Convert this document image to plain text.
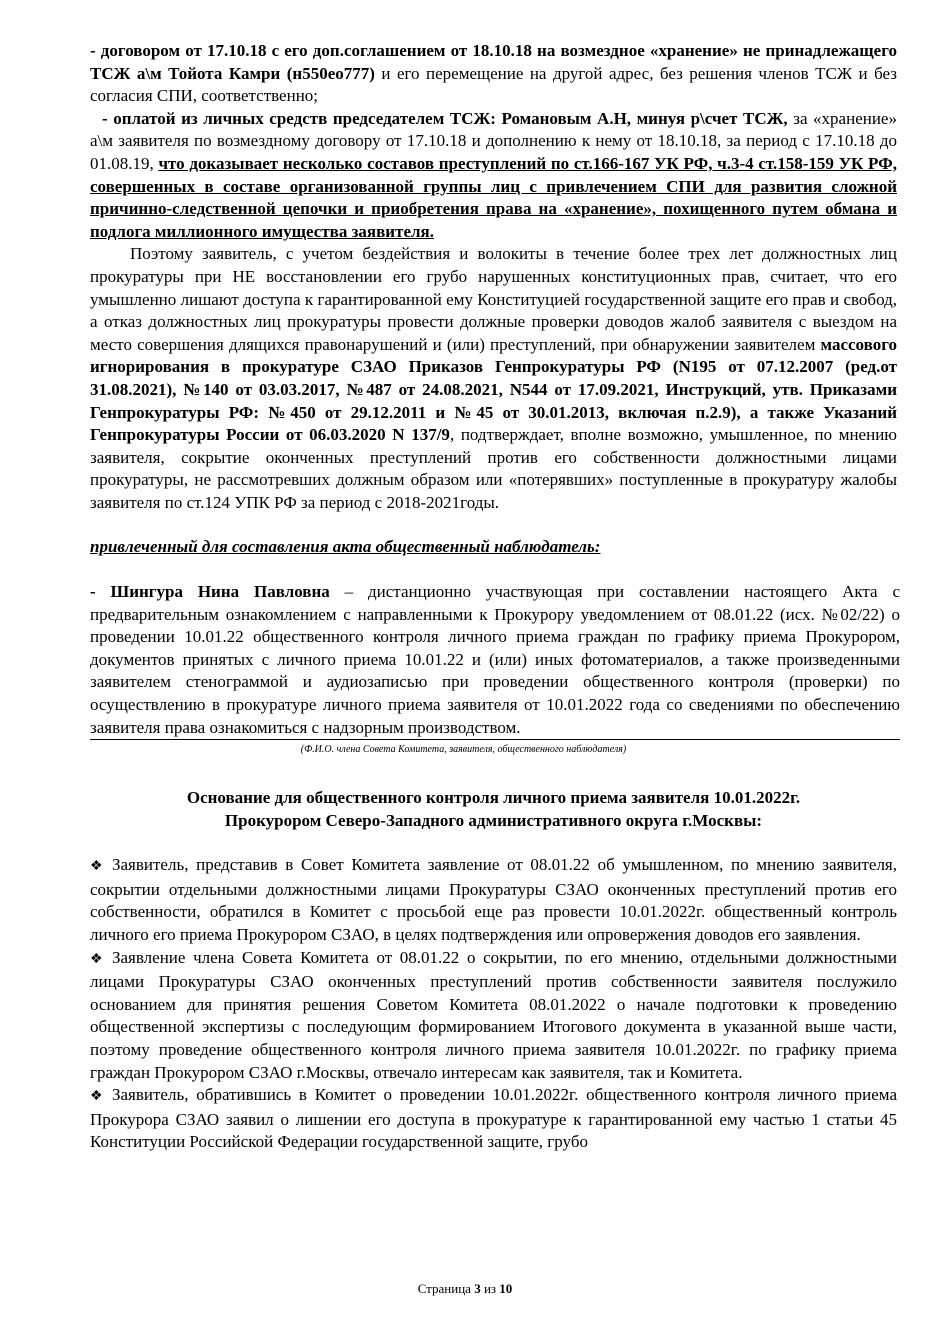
- договором от 17.10.18 с его доп.соглашением от 18.10.18 на возмездное «хранение» не принадлежащего ТСЖ а\м Тойота Камри (н550ео777) и его перемещение на другой адрес, без решения членов ТСЖ и без согласия СПИ, соответственно;

- оплатой из личных средств председателем ТСЖ: Романовым А.Н, минуя р\счет ТСЖ, за «хранение» а\м заявителя по возмездному договору от 17.10.18 и дополнению к нему от 18.10.18, за период с 17.10.18 до 01.08.19, что доказывает несколько составов преступлений по ст.166-167 УК РФ, ч.3-4 ст.158-159 УК РФ, совершенных в составе организованной группы лиц с привлечением СПИ для развития сложной причинно-следственной цепочки и приобретения права на «хранение», похищенного путем обмана и подлога миллионного имущества заявителя.

Поэтому заявитель, с учетом бездействия и волокиты в течение более трех лет должностных лиц прокуратуры при НЕ восстановлении его грубо нарушенных конституционных прав, считает, что его умышленно лишают доступа к гарантированной ему Конституцией государственной защите его прав и свобод, а отказ должностных лиц прокуратуры провести должные проверки доводов жалоб заявителя с выездом на место совершения длящихся правонарушений и (или) преступлений, при обнаружении заявителем массового игнорирования в прокуратуре СЗАО Приказов Генпрокуратуры РФ (N195 от 07.12.2007 (ред.от 31.08.2021), №140 от 03.03.2017, №487 от 24.08.2021, N544 от 17.09.2021, Инструкций, утв. Приказами Генпрокуратуры РФ: №450 от 29.12.2011 и №45 от 30.01.2013, включая п.2.9), а также Указаний Генпрокуратуры России от 06.03.2020 N 137/9, подтверждает, вполне возможно, умышленное, по мнению заявителя, сокрытие оконченных преступлений против его собственности должностными лицами прокуратуры, не рассмотревших должным образом или «потерявших» поступленные в прокуратуру жалобы заявителя по ст.124 УПК РФ за период с 2018-2021годы.

привлеченный для составления акта общественный наблюдатель:

- Шингура Нина Павловна – дистанционно участвующая при составлении настоящего Акта с предварительным ознакомлением с направленными к Прокурору уведомлением от 08.01.22 (исх. №02/22) о проведении 10.01.22 общественного контроля личного приема граждан по графику приема Прокурором, документов принятых с личного приема 10.01.22 и (или) иных фотоматериалов, а также произведенными заявителем стенограммой и аудиозаписью при проведении общественного контроля (проверки) по осуществлению в прокуратуре личного приема заявителя от 10.01.2022 года со сведениями по обеспечению заявителя права ознакомиться с надзорным производством.

(Ф.И.О. члена Совета Комитета, заявителя, общественного наблюдателя)
Основание для общественного контроля личного приема заявителя 10.01.2022г.
Прокурором Северо-Западного административного округа г.Москвы:

❖ Заявитель, представив в Совет Комитета заявление от 08.01.22 об умышленном, по мнению заявителя, сокрытии отдельными должностными лицами Прокуратуры СЗАО оконченных преступлений против его собственности, обратился в Комитет с просьбой еще раз провести 10.01.2022г. общественный контроль личного его приема Прокурором СЗАО, в целях подтверждения или опровержения доводов его заявления.

❖ Заявление члена Совета Комитета от 08.01.22 о сокрытии, по его мнению, отдельными должностными лицами Прокуратуры СЗАО оконченных преступлений против собственности заявителя послужило основанием для принятия решения Советом Комитета 08.01.2022 о начале подготовки к проведению общественной экспертизы с последующим формированием Итогового документа в указанной выше части, поэтому проведение общественного контроля личного приема заявителя 10.01.2022г. по графику приема граждан Прокурором СЗАО г.Москвы, отвечало интересам как заявителя, так и Комитета.

❖ Заявитель, обратившись в Комитет о проведении 10.01.2022г. общественного контроля личного приема Прокурора СЗАО заявил о лишении его доступа в прокуратуре к гарантированной ему частью 1 статьи 45 Конституции Российской Федерации государственной защите, грубо

Страница 3 из 10
